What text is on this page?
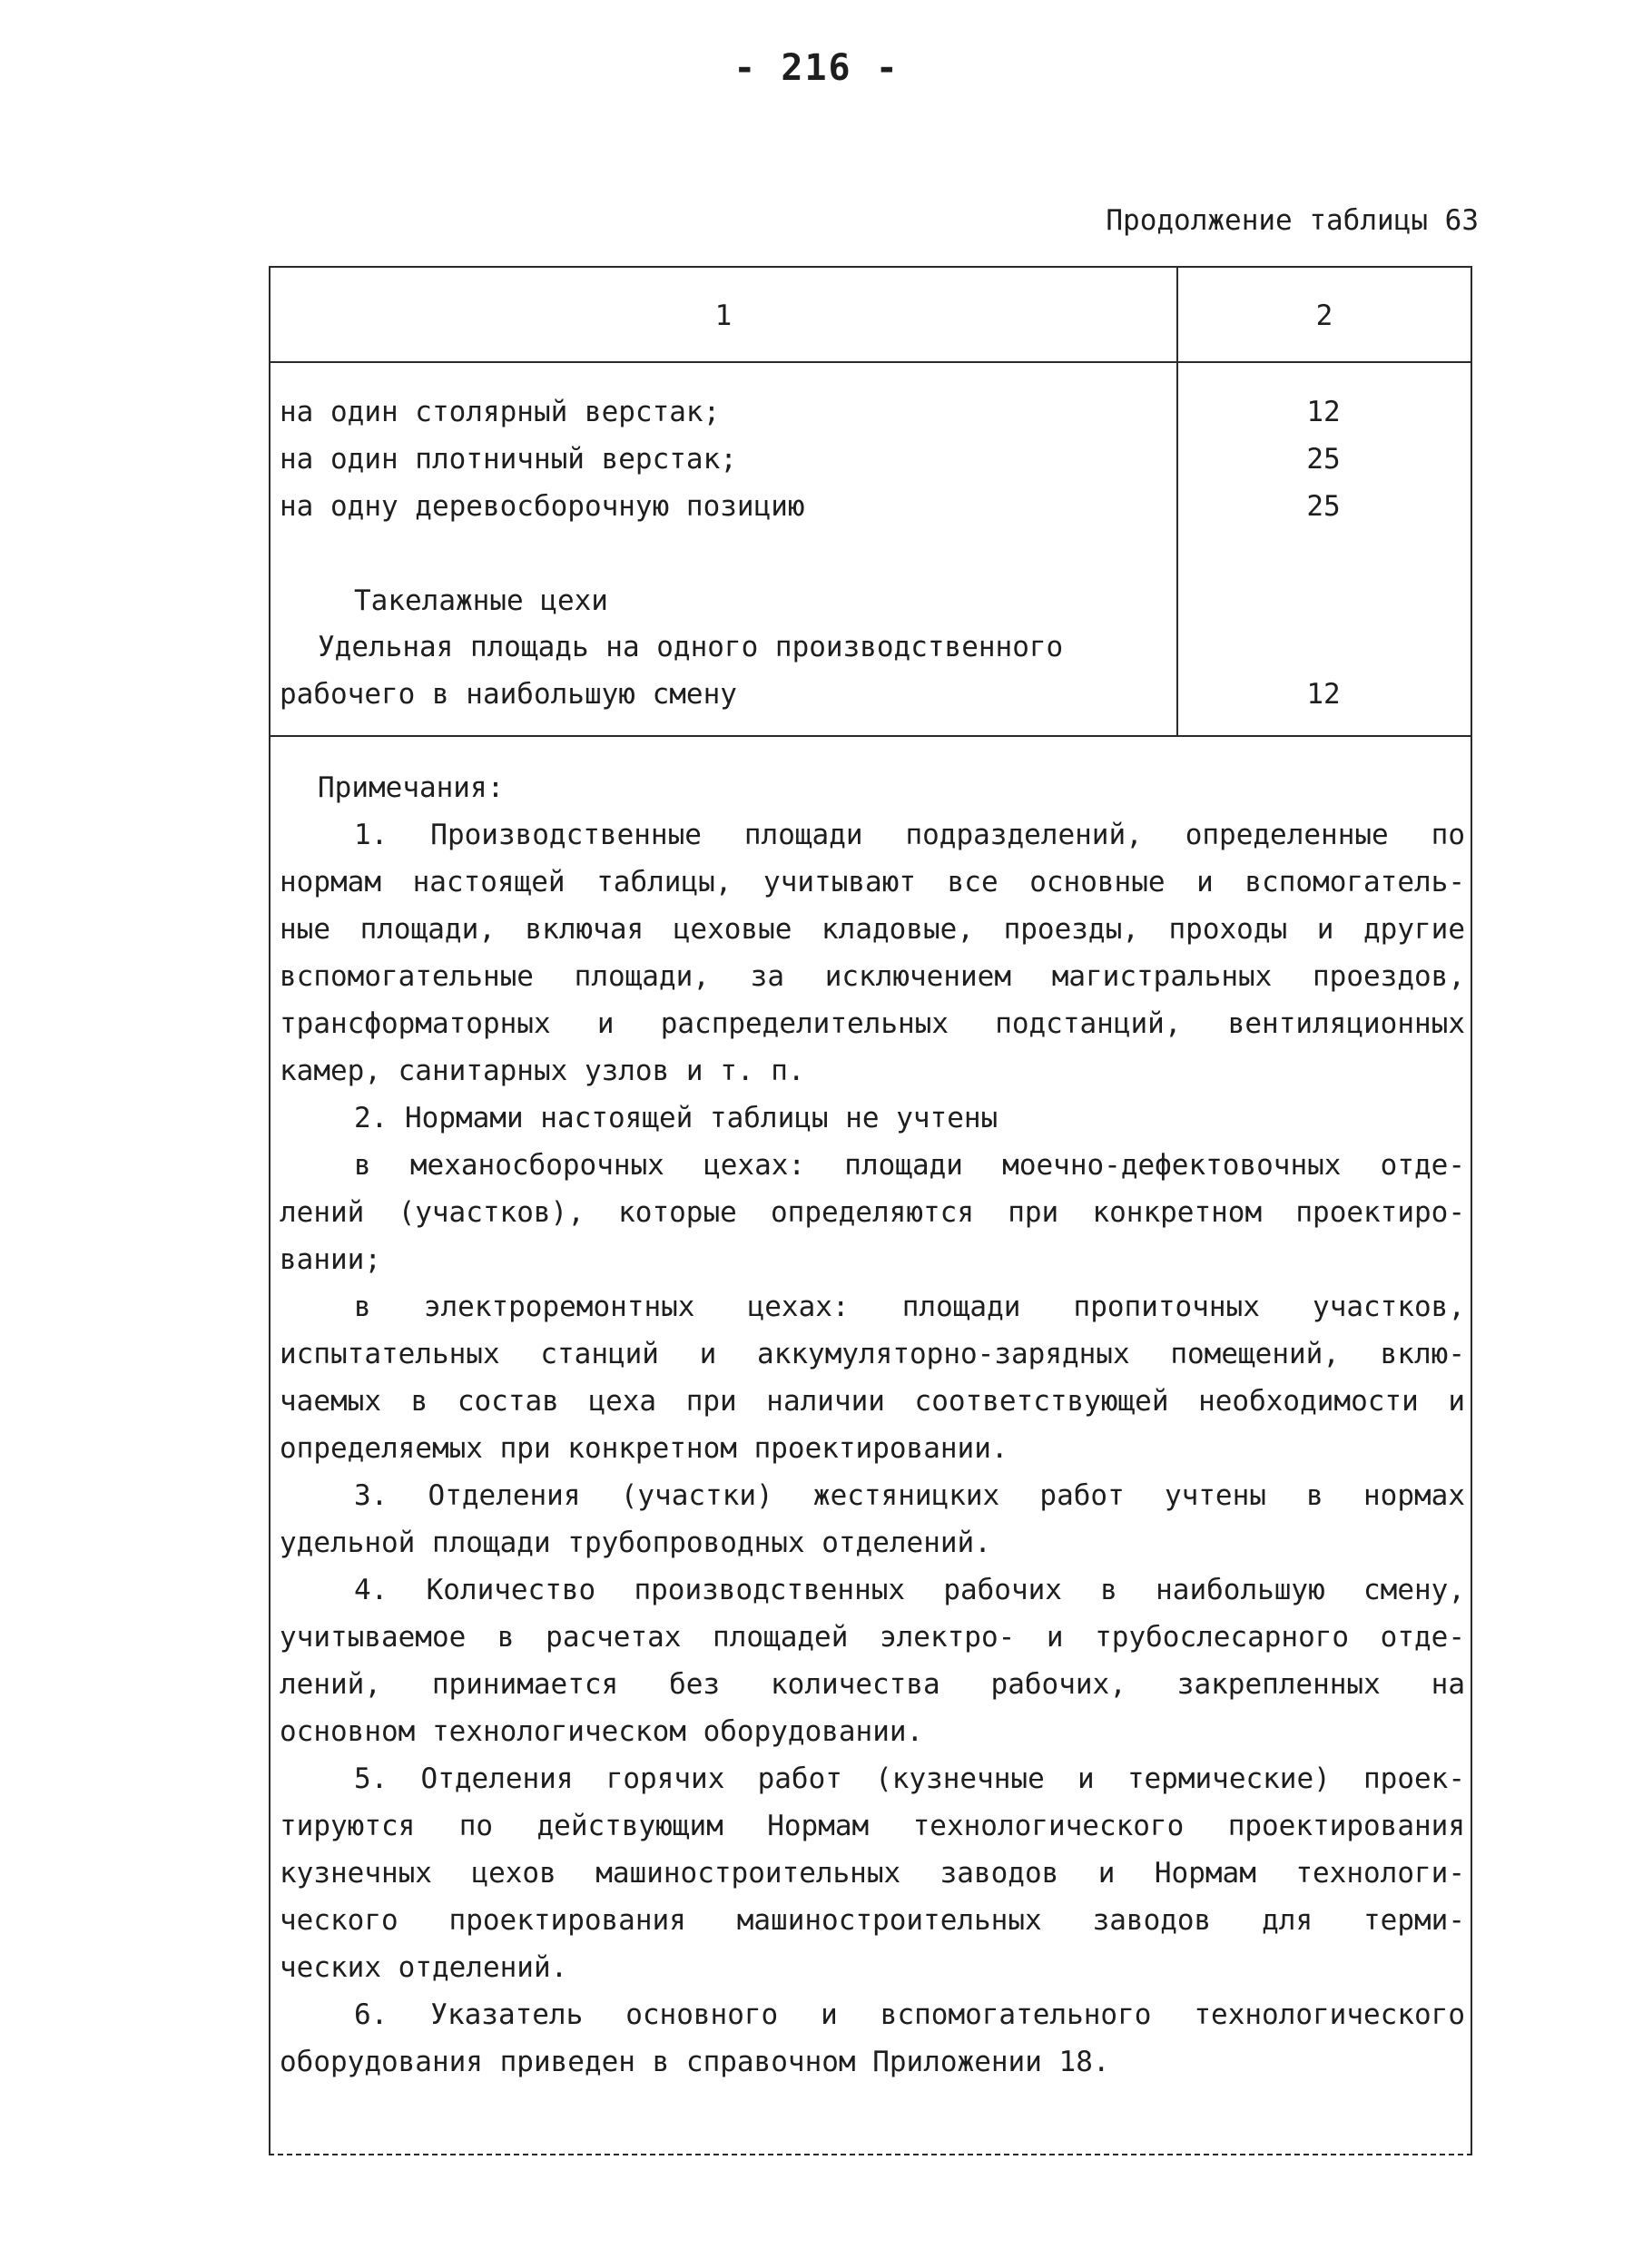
- 216 -
Продолжение таблицы 63
1	2
на один столярный верстак;	12
на один плотничный верстак;	25
на одну деревосборочную позицию	25
Такелажные цехи
Удельная площадь на одного производственного
рабочего в наибольшую смену	12
Примечания:
1. Производственные площади подразделений, определенные по
нормам настоящей таблицы, учитывают все основные и вспомогатель-
ные площади, включая цеховые кладовые, проезды, проходы и другие
вспомогательные площади, за исключением магистральных проездов,
трансформаторных и распределительных подстанций, вентиляционных
камер, санитарных узлов и т. п.
2. Нормами настоящей таблицы не учтены
в механосборочных цехах: площади моечно-дефектовочных отде-
лений (участков), которые определяются при конкретном проектиро-
вании;
в электроремонтных цехах: площади пропиточных участков,
испытательных станций и аккумуляторно-зарядных помещений, вклю-
чаемых в состав цеха при наличии соответствующей необходимости и
определяемых при конкретном проектировании.
3. Отделения (участки) жестяницких работ учтены в нормах
удельной площади трубопроводных отделений.
4. Количество производственных рабочих в наибольшую смену,
учитываемое в расчетах площадей электро- и трубослесарного отде-
лений, принимается без количества рабочих, закрепленных на
основном технологическом оборудовании.
5. Отделения горячих работ (кузнечные и термические) проек-
тируются по действующим Нормам технологического проектирования
кузнечных цехов машиностроительных заводов и Нормам технологи-
ческого проектирования машиностроительных заводов для терми-
ческих отделений.
6. Указатель основного и вспомогательного технологического
оборудования приведен в справочном Приложении 18.
